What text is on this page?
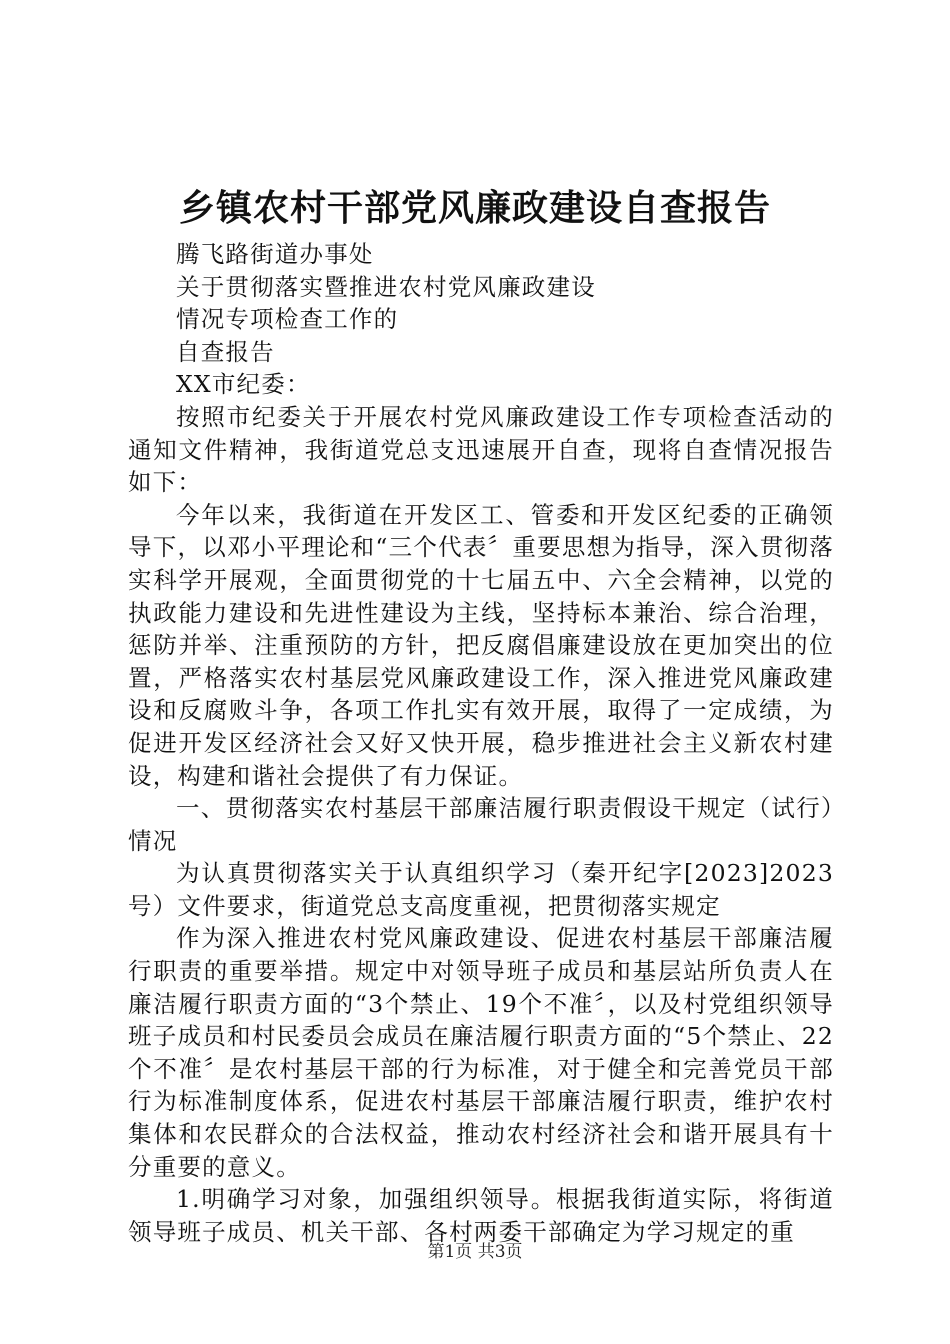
乡镇农村干部党风廉政建设自查报告

腾飞路街道办事处

关于贯彻落实暨推进农村党风廉政建设

情况专项检查工作的

自查报告

XX市纪委：

按照市纪委关于开展农村党风廉政建设工作专项检查活动的通知文件精神，我街道党总支迅速展开自查，现将自查情况报告如下：

今年以来，我街道在开发区工、管委和开发区纪委的正确领导下，以邓小平理论和“三个代表〞重要思想为指导，深入贯彻落实科学开展观，全面贯彻党的十七届五中、六全会精神，以党的执政能力建设和先进性建设为主线，坚持标本兼治、综合治理，惩防并举、注重预防的方针，把反腐倡廉建设放在更加突出的位置，严格落实农村基层党风廉政建设工作，深入推进党风廉政建设和反腐败斗争，各项工作扎实有效开展，取得了一定成绩，为促进开发区经济社会又好又快开展，稳步推进社会主义新农村建设，构建和谐社会提供了有力保证。

一、贯彻落实农村基层干部廉洁履行职责假设干规定（试行）情况

为认真贯彻落实关于认真组织学习（秦开纪字[2023]2023号）文件要求，街道党总支高度重视，把贯彻落实规定

作为深入推进农村党风廉政建设、促进农村基层干部廉洁履行职责的重要举措。规定中对领导班子成员和基层站所负责人在廉洁履行职责方面的“3个禁止、19个不准〞，以及村党组织领导班子成员和村民委员会成员在廉洁履行职责方面的“5个禁止、22个不准〞是农村基层干部的行为标准，对于健全和完善党员干部行为标准制度体系，促进农村基层干部廉洁履行职责，维护农村集体和农民群众的合法权益，推动农村经济社会和谐开展具有十分重要的意义。

1.明确学习对象，加强组织领导。根据我街道实际，将街道领导班子成员、机关干部、各村两委干部确定为学习规定的重

第1页 共3页
